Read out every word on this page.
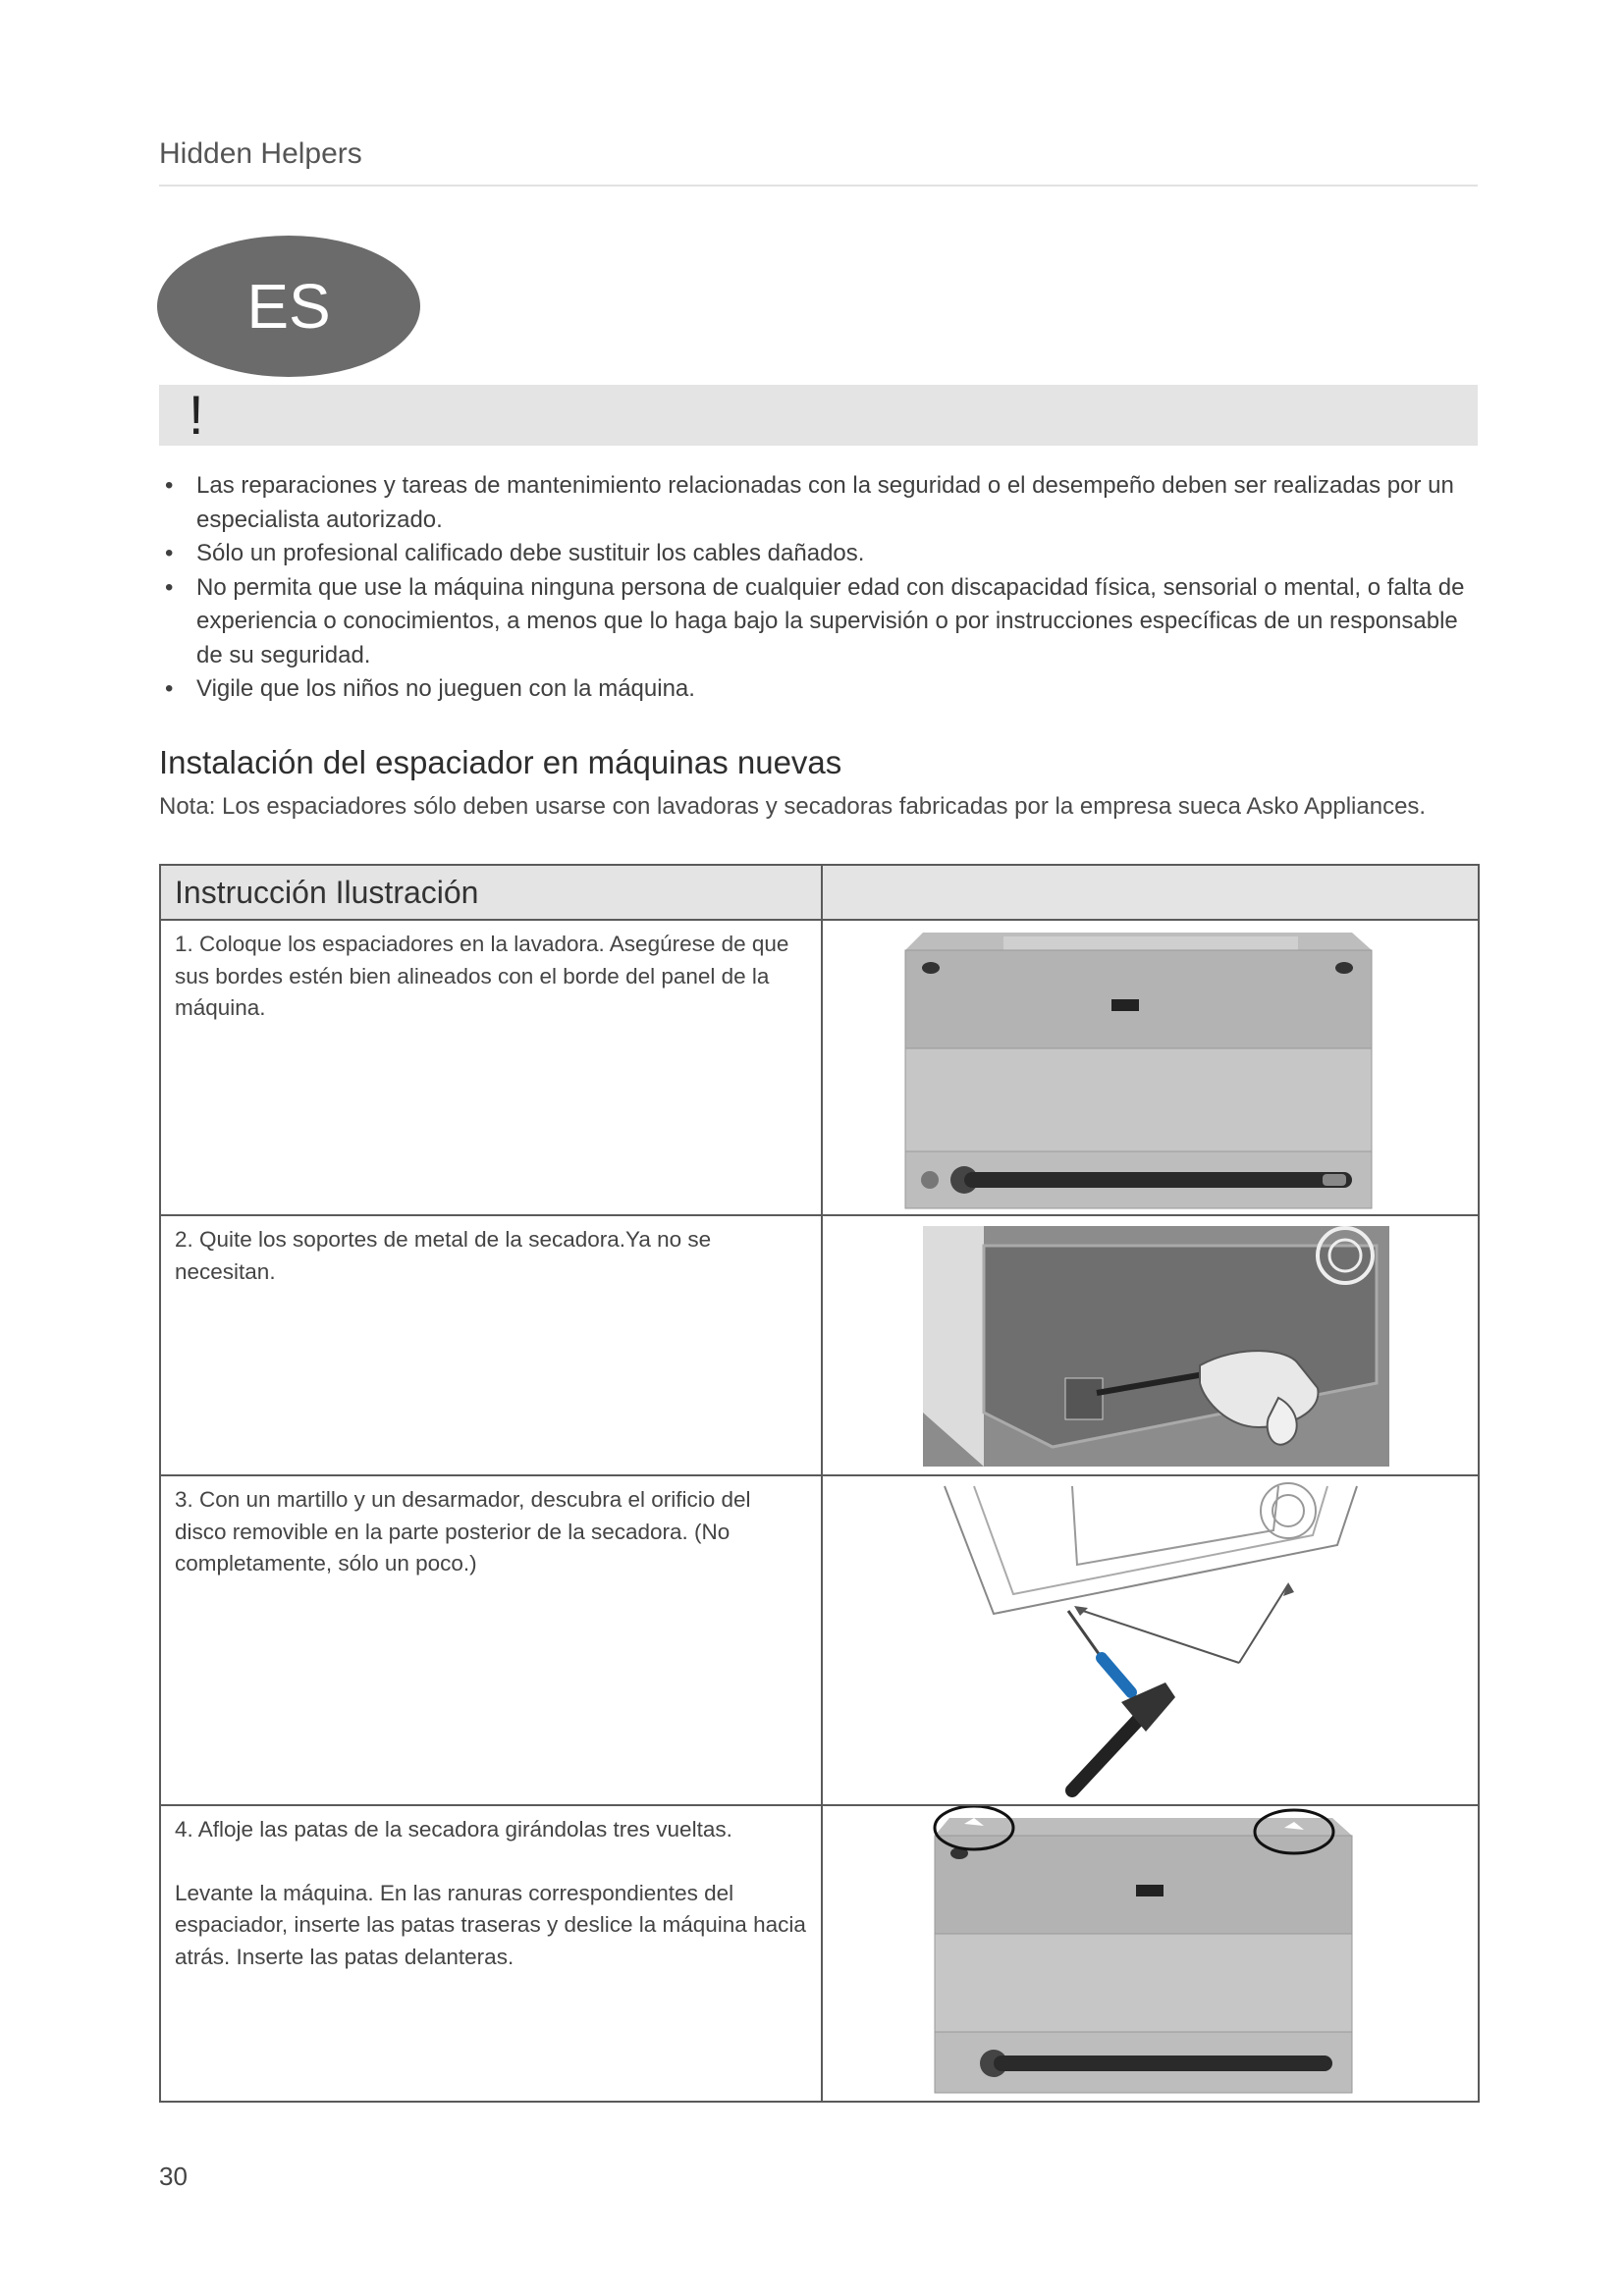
Hidden Helpers
ES
!
• Las reparaciones y tareas de mantenimiento relacionadas con la seguridad o el desempeño deben ser realizadas por un especialista autorizado.
• Sólo un profesional calificado debe sustituir los cables dañados.
• No permita que use la máquina ninguna persona de cualquier edad con discapacidad física, sensorial o mental, o falta de experiencia o conocimientos, a menos que lo haga bajo la supervisión o por instrucciones específicas de un responsable de su seguridad.
• Vigile que los niños no jueguen con la máquina.
Instalación del espaciador en máquinas nuevas
Nota: Los espaciadores sólo deben usarse con lavadoras y secadoras fabricadas por la empresa sueca Asko Appliances.
Instrucción Ilustración	

1. Coloque los espaciadores en la lavadora. Asegúrese de que sus bordes estén bien alineados con el borde del panel de la máquina.

2. Quite los soportes de metal de la secadora.Ya no se necesitan.

3. Con un martillo y un desarmador, descubra el orificio del disco removible en la parte posterior de la secadora. (No completamente, sólo un poco.)

4. Afloje las patas de la secadora girándolas tres vueltas.

Levante la máquina. En las ranuras correspondientes del espaciador, inserte las patas traseras y deslice la máquina hacia atrás. Inserte las patas delanteras.

30
